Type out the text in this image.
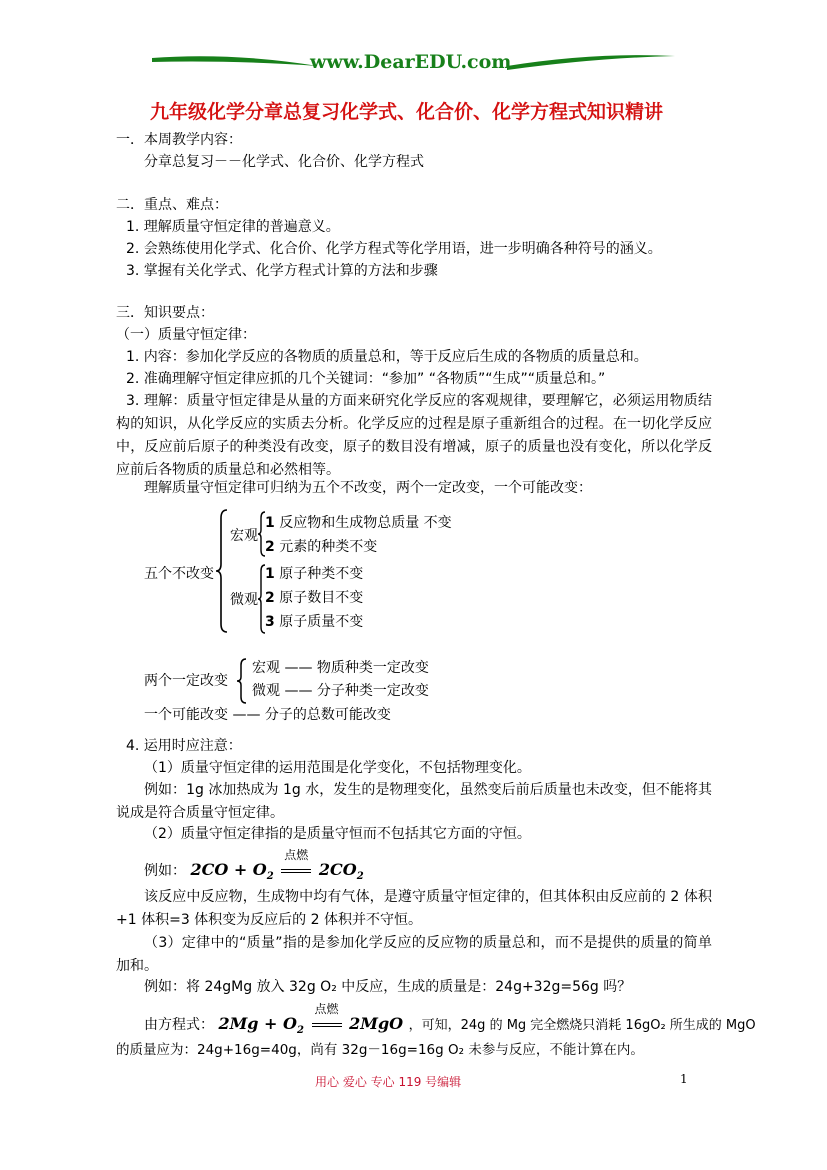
www.DearEDU.com
九年级化学分章总复习化学式、化合价、化学方程式知识精讲
一．本周教学内容：
分章总复习－－化学式、化合价、化学方程式
二．重点、难点：
1. 理解质量守恒定律的普遍意义。
2. 会熟练使用化学式、化合价、化学方程式等化学用语，进一步明确各种符号的涵义。
3. 掌握有关化学式、化学方程式计算的方法和步骤
三．知识要点：
（一）质量守恒定律：
1. 内容：参加化学反应的各物质的质量总和，等于反应后生成的各物质的质量总和。
2. 准确理解守恒定律应抓的几个关键词：“参加” “各物质”“生成”“质量总和。”
3. 理解：质量守恒定律是从量的方面来研究化学反应的客观规律，要理解它，必须运用物质结构的知识，从化学反应的实质去分析。化学反应的过程是原子重新组合的过程。在一切化学反应中，反应前后原子的种类没有改变，原子的数目没有增减，原子的质量也没有变化，所以化学反应前后各物质的质量总和必然相等。
理解质量守恒定律可归纳为五个不改变，两个一定改变，一个可能改变：
五个不改变
宏观
1 反应物和生成物总质量 不变
2 元素的种类不变
微观
1 原子种类不变
2 原子数目不变
3 原子质量不变
两个一定改变
宏观 —— 物质种类一定改变
微观 —— 分子种类一定改变
一个可能改变 —— 分子的总数可能改变
4. 运用时应注意：
（1）质量守恒定律的运用范围是化学变化，不包括物理变化。
例如：1g 冰加热成为 1g 水，发生的是物理变化，虽然变后前后质量也未改变，但不能将其说成是符合质量守恒定律。
（2）质量守恒定律指的是质量守恒而不包括其它方面的守恒。
例如： $2CO + O_2$
点燃
$2CO_2$
该反应中反应物，生成物中均有气体，是遵守质量守恒定律的，但其体积由反应前的 2 体积+1 体积=3 体积变为反应后的 2 体积并不守恒。
（3）定律中的“质量”指的是参加化学反应的反应物的质量总和，而不是提供的质量的简单加和。
例如：将 24gMg 放入 32g O₂ 中反应，生成的质量是：24g+32g=56g 吗？
由方程式： $2Mg + O_2$
点燃
2MgO ，可知，24g 的 Mg 完全燃烧只消耗 16gO₂ 所生成的 MgO
的质量应为：24g+16g=40g，尚有 32g－16g=16g O₂ 未参与反应，不能计算在内。
用心 爱心 专心 119 号编辑	1
